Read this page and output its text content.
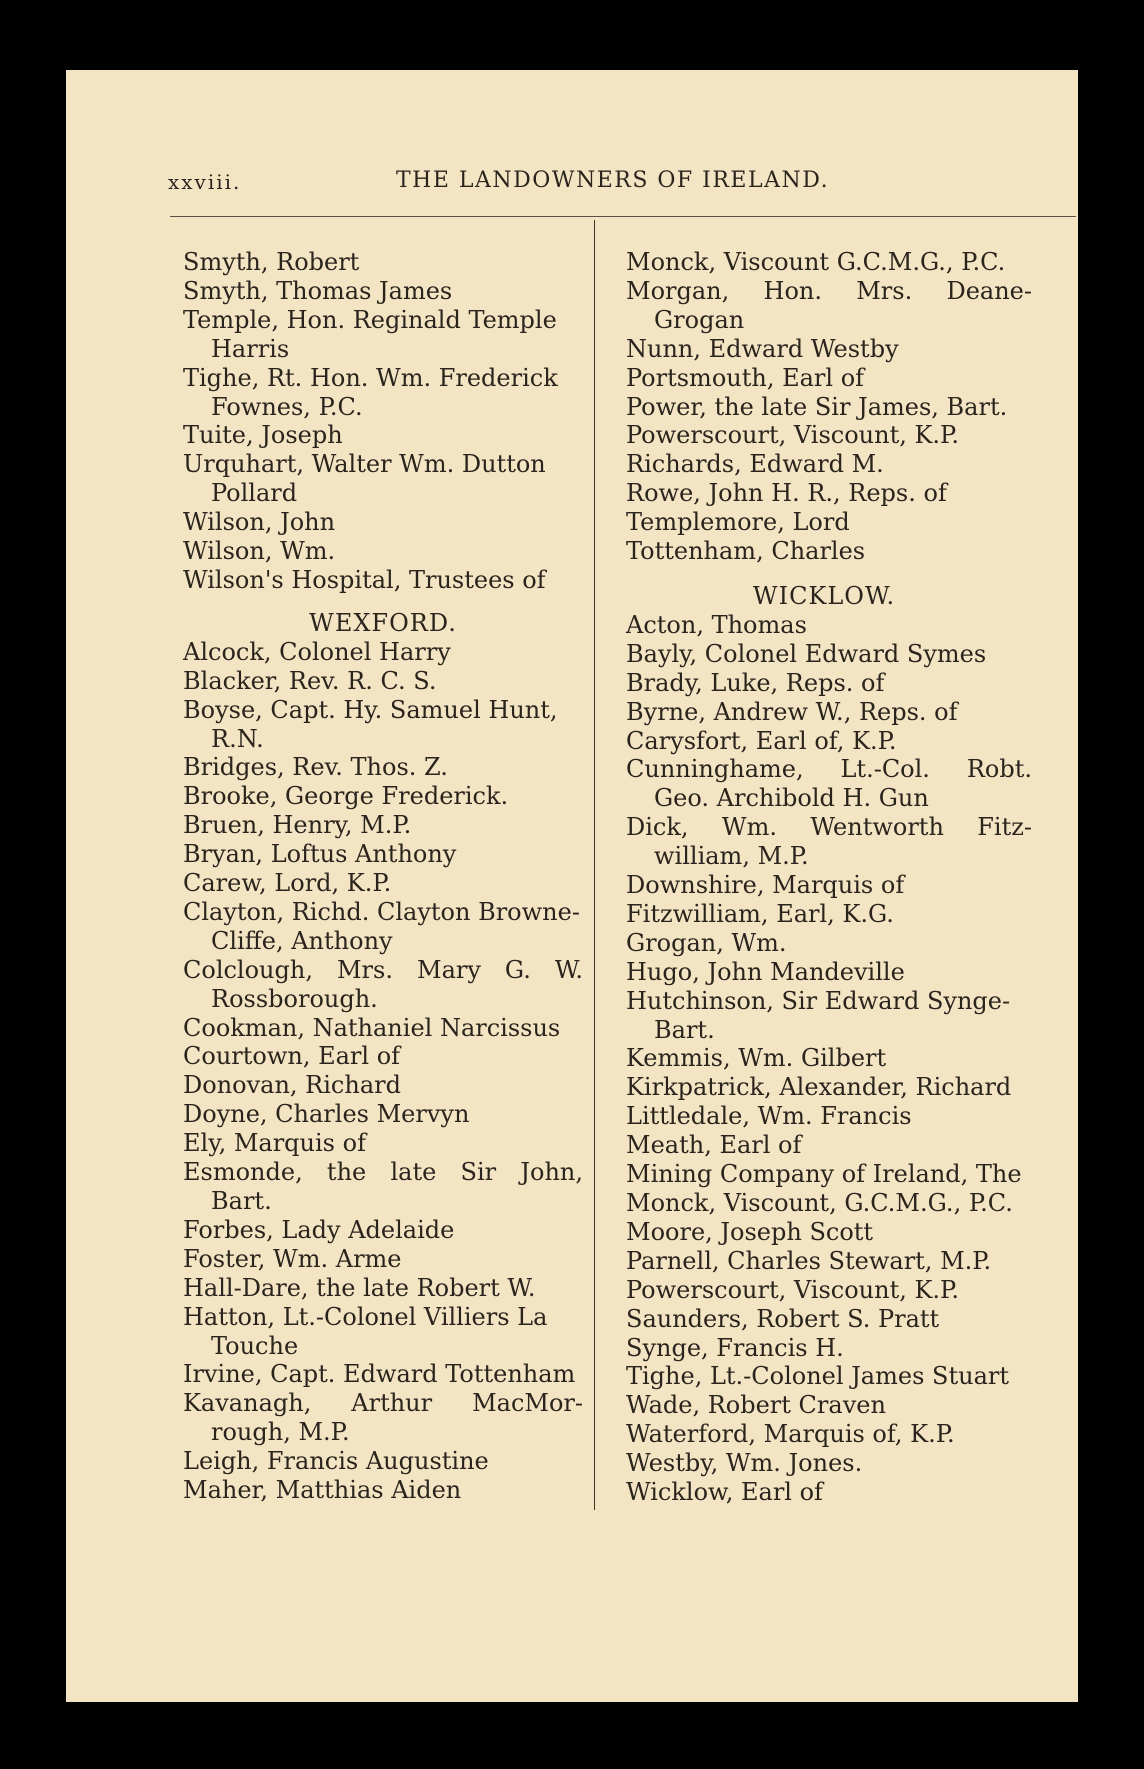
xxviii.	THE LANDOWNERS OF IRELAND.
Smyth, Robert
Smyth, Thomas James
Temple, Hon. Reginald Temple
Harris
Tighe, Rt. Hon. Wm. Frederick
Fownes, P.C.
Tuite, Joseph
Urquhart, Walter Wm. Dutton
Pollard
Wilson, John
Wilson, Wm.
Wilson's Hospital, Trustees of
WEXFORD.
Alcock, Colonel Harry
Blacker, Rev. R. C. S.
Boyse, Capt. Hy. Samuel Hunt,
R.N.
Bridges, Rev. Thos. Z.
Brooke, George Frederick.
Bruen, Henry, M.P.
Bryan, Loftus Anthony
Carew, Lord, K.P.
Clayton, Richd. Clayton Browne-
Cliffe, Anthony
Colclough, Mrs. Mary G. W.
Rossborough.
Cookman, Nathaniel Narcissus
Courtown, Earl of
Donovan, Richard
Doyne, Charles Mervyn
Ely, Marquis of
Esmonde, the late Sir John,
Bart.
Forbes, Lady Adelaide
Foster, Wm. Arme
Hall-Dare, the late Robert W.
Hatton, Lt.-Colonel Villiers La
Touche
Irvine, Capt. Edward Tottenham
Kavanagh, Arthur MacMor-
rough, M.P.
Leigh, Francis Augustine
Maher, Matthias Aiden
Monck, Viscount G.C.M.G., P.C.
Morgan, Hon. Mrs. Deane-
Grogan
Nunn, Edward Westby
Portsmouth, Earl of
Power, the late Sir James, Bart.
Powerscourt, Viscount, K.P.
Richards, Edward M.
Rowe, John H. R., Reps. of
Templemore, Lord
Tottenham, Charles
WICKLOW.
Acton, Thomas
Bayly, Colonel Edward Symes
Brady, Luke, Reps. of
Byrne, Andrew W., Reps. of
Carysfort, Earl of, K.P.
Cunninghame, Lt.-Col. Robt.
Geo. Archibold H. Gun
Dick, Wm. Wentworth Fitz-
william, M.P.
Downshire, Marquis of
Fitzwilliam, Earl, K.G.
Grogan, Wm.
Hugo, John Mandeville
Hutchinson, Sir Edward Synge-
Bart.
Kemmis, Wm. Gilbert
Kirkpatrick, Alexander, Richard
Littledale, Wm. Francis
Meath, Earl of
Mining Company of Ireland, The
Monck, Viscount, G.C.M.G., P.C.
Moore, Joseph Scott
Parnell, Charles Stewart, M.P.
Powerscourt, Viscount, K.P.
Saunders, Robert S. Pratt
Synge, Francis H.
Tighe, Lt.-Colonel James Stuart
Wade, Robert Craven
Waterford, Marquis of, K.P.
Westby, Wm. Jones.
Wicklow, Earl of
